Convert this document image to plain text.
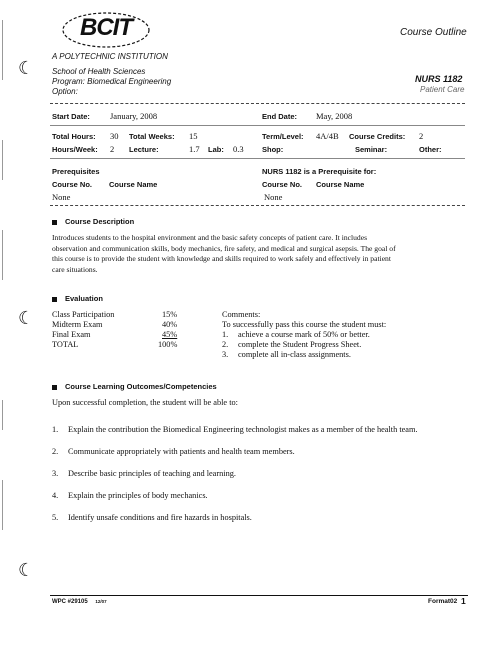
☾
☾
☾
BCIT
A POLYTECHNIC INSTITUTION
Course Outline
School of Health Sciences
Program: Biomedical Engineering
Option:
NURS 1182
Patient Care
Start Date: January, 2008	End Date: May, 2008
Total Hours: 30 Total Weeks: 15	Term/Level: 4A/4B Course Credits: 2
Hours/Week: 2 Lecture:	1.7 Lab: 0.3 Shop:	Seminar:	Other:
Prerequisites	NURS 1182 is a Prerequisite for:
Course No. Course Name	Course No. Course Name
None	None
Course Description
Introduces students to the hospital environment and the basic safety concepts of patient care. It includes
observation and communication skills, body mechanics, fire safety, and medical and surgical asepsis. The goal of
this course is to provide the student with knowledge and skills required to work safely and effectively in patient
care situations.
Evaluation
Class Participation	15%
Midterm Exam	40%
Final Exam	45%
TOTAL	100%
Comments:
To successfully pass this course the student must:
1. achieve a course mark of 50% or better.
2. complete the Student Progress Sheet.
3. complete all in-class assignments.
Course Learning Outcomes/Competencies
Upon successful completion, the student will be able to:
1. Explain the contribution the Biomedical Engineering technologist makes as a member of the health team.
2. Communicate appropriately with patients and health team members.
3. Describe basic principles of teaching and learning.
4. Explain the principles of body mechanics.
5. Identify unsafe conditions and fire hazards in hospitals.
WPC #29105 12/07	Format02 1
